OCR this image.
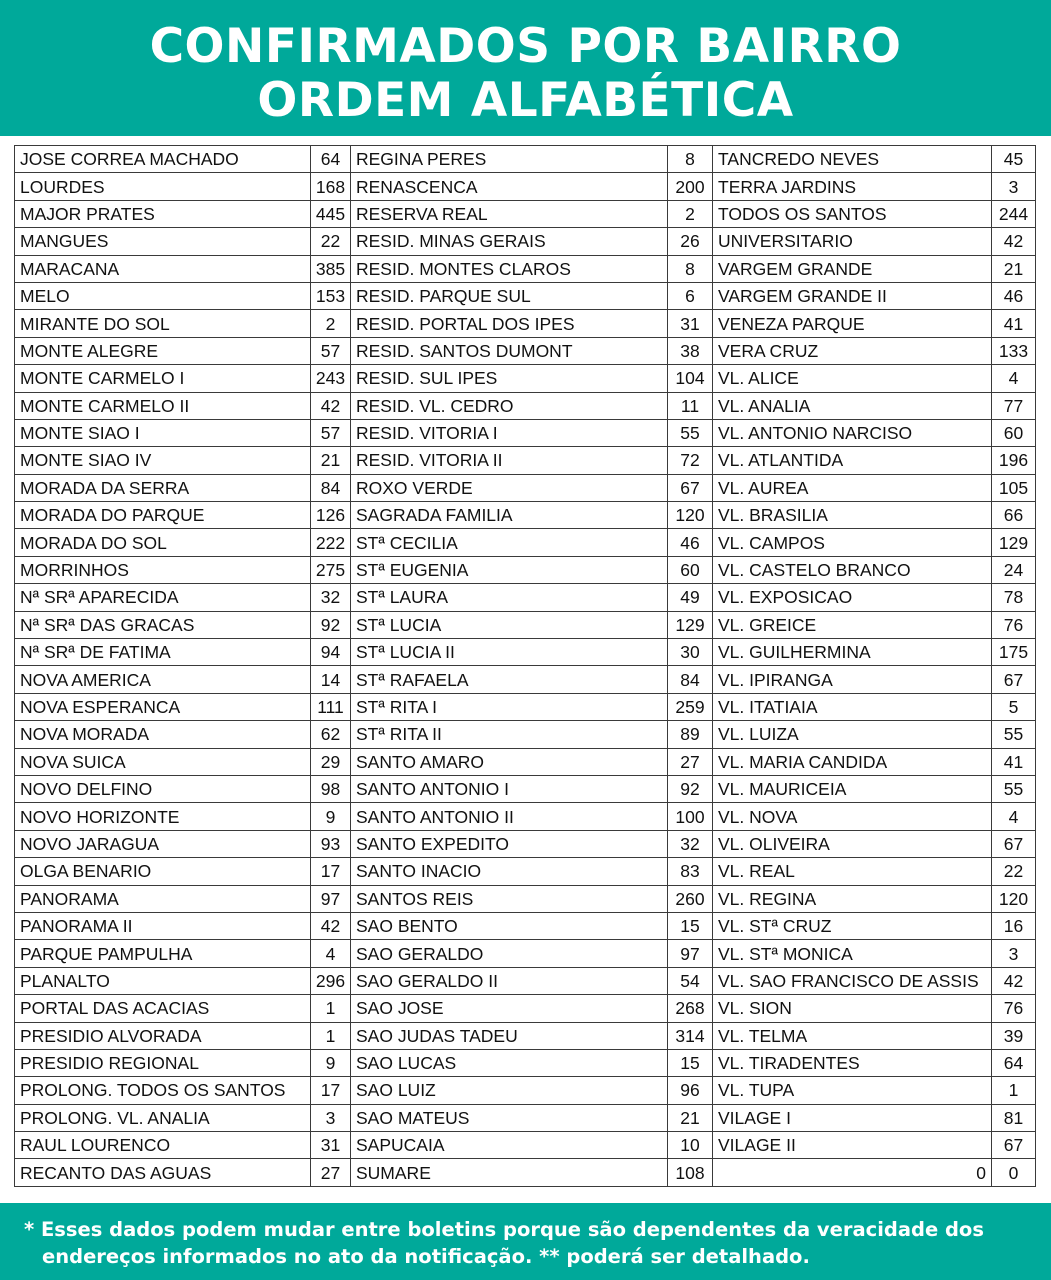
CONFIRMADOS POR BAIRRO
ORDEM ALFABÉTICA
JOSE CORREA MACHADO	64	REGINA PERES	8	TANCREDO NEVES	45
LOURDES	168	RENASCENCA	200	TERRA JARDINS	3
MAJOR PRATES	445	RESERVA REAL	2	TODOS OS SANTOS	244
MANGUES	22	RESID. MINAS GERAIS	26	UNIVERSITARIO	42
MARACANA	385	RESID. MONTES CLAROS	8	VARGEM GRANDE	21
MELO	153	RESID. PARQUE SUL	6	VARGEM GRANDE II	46
MIRANTE DO SOL	2	RESID. PORTAL DOS IPES	31	VENEZA PARQUE	41
MONTE ALEGRE	57	RESID. SANTOS DUMONT	38	VERA CRUZ	133
MONTE CARMELO I	243	RESID. SUL IPES	104	VL. ALICE	4
MONTE CARMELO II	42	RESID. VL. CEDRO	11	VL. ANALIA	77
MONTE SIAO I	57	RESID. VITORIA I	55	VL. ANTONIO NARCISO	60
MONTE SIAO IV	21	RESID. VITORIA II	72	VL. ATLANTIDA	196
MORADA DA SERRA	84	ROXO VERDE	67	VL. AUREA	105
MORADA DO PARQUE	126	SAGRADA FAMILIA	120	VL. BRASILIA	66
MORADA DO SOL	222	STª CECILIA	46	VL. CAMPOS	129
MORRINHOS	275	STª EUGENIA	60	VL. CASTELO BRANCO	24
Nª SRª APARECIDA	32	STª LAURA	49	VL. EXPOSICAO	78
Nª SRª DAS GRACAS	92	STª LUCIA	129	VL. GREICE	76
Nª SRª DE FATIMA	94	STª LUCIA II	30	VL. GUILHERMINA	175
NOVA AMERICA	14	STª RAFAELA	84	VL. IPIRANGA	67
NOVA ESPERANCA	111	STª RITA I	259	VL. ITATIAIA	5
NOVA MORADA	62	STª RITA II	89	VL. LUIZA	55
NOVA SUICA	29	SANTO AMARO	27	VL. MARIA CANDIDA	41
NOVO DELFINO	98	SANTO ANTONIO I	92	VL. MAURICEIA	55
NOVO HORIZONTE	9	SANTO ANTONIO II	100	VL. NOVA	4
NOVO JARAGUA	93	SANTO EXPEDITO	32	VL. OLIVEIRA	67
OLGA BENARIO	17	SANTO INACIO	83	VL. REAL	22
PANORAMA	97	SANTOS REIS	260	VL. REGINA	120
PANORAMA II	42	SAO BENTO	15	VL. STª CRUZ	16
PARQUE PAMPULHA	4	SAO GERALDO	97	VL. STª MONICA	3
PLANALTO	296	SAO GERALDO II	54	VL. SAO FRANCISCO DE ASSIS	42
PORTAL DAS ACACIAS	1	SAO JOSE	268	VL. SION	76
PRESIDIO ALVORADA	1	SAO JUDAS TADEU	314	VL. TELMA	39
PRESIDIO REGIONAL	9	SAO LUCAS	15	VL. TIRADENTES	64
PROLONG. TODOS OS SANTOS	17	SAO LUIZ	96	VL. TUPA	1
PROLONG. VL. ANALIA	3	SAO MATEUS	21	VILAGE I	81
RAUL LOURENCO	31	SAPUCAIA	10	VILAGE II	67
RECANTO DAS AGUAS	27	SUMARE	108	0	0
* Esses dados podem mudar entre boletins porque são dependentes da veracidade dos
endereços informados no ato da notificação. ** poderá ser detalhado.
